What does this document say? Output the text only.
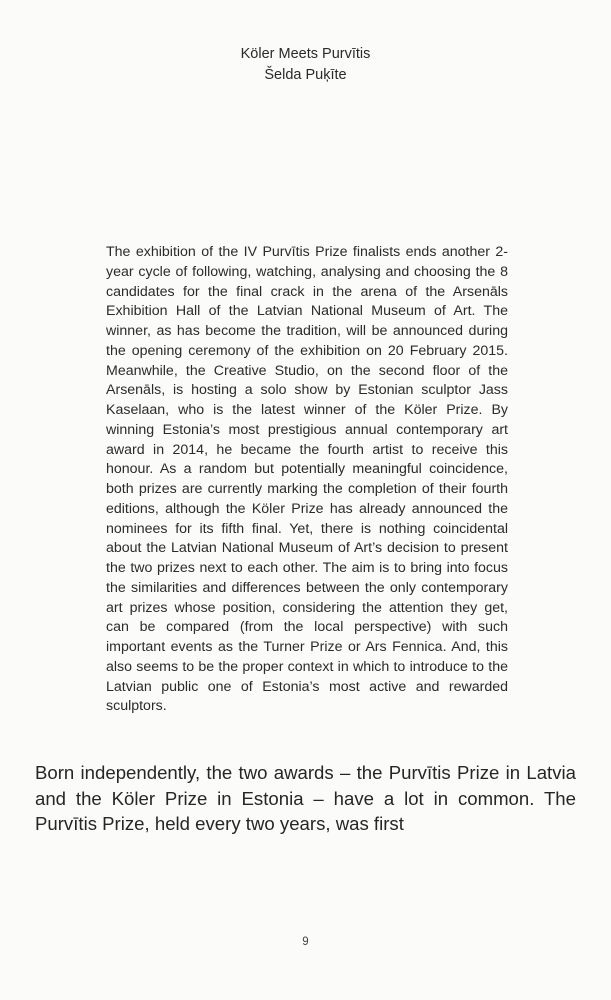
Köler Meets Purvītis
Šelda Puķīte

The exhibition of the IV Purvītis Prize finalists ends another 2-year cycle of following, watching, analysing and choosing the 8 candidates for the final crack in the arena of the Arsenāls Exhibition Hall of the Latvian National Museum of Art. The winner, as has become the tradition, will be announced during the opening ceremony of the exhibition on 20 February 2015. Meanwhile, the Creative Studio, on the second floor of the Arsenāls, is hosting a solo show by Estonian sculptor Jass Kaselaan, who is the latest winner of the Köler Prize. By winning Estonia’s most prestigious annual contemporary art award in 2014, he became the fourth artist to receive this honour. As a random but potentially meaningful coincidence, both prizes are currently marking the completion of their fourth editions, although the Köler Prize has already announced the nominees for its fifth final. Yet, there is nothing coincidental about the Latvian National Museum of Art’s decision to present the two prizes next to each other. The aim is to bring into focus the similarities and differences between the only contemporary art prizes whose position, considering the attention they get, can be compared (from the local perspective) with such important events as the Turner Prize or Ars Fennica. And, this also seems to be the proper context in which to introduce to the Latvian public one of Estonia’s most active and rewarded sculptors.

Born independently, the two awards – the Purvītis Prize in Latvia and the Köler Prize in Estonia – have a lot in common. The Purvītis Prize, held every two years, was first

9
